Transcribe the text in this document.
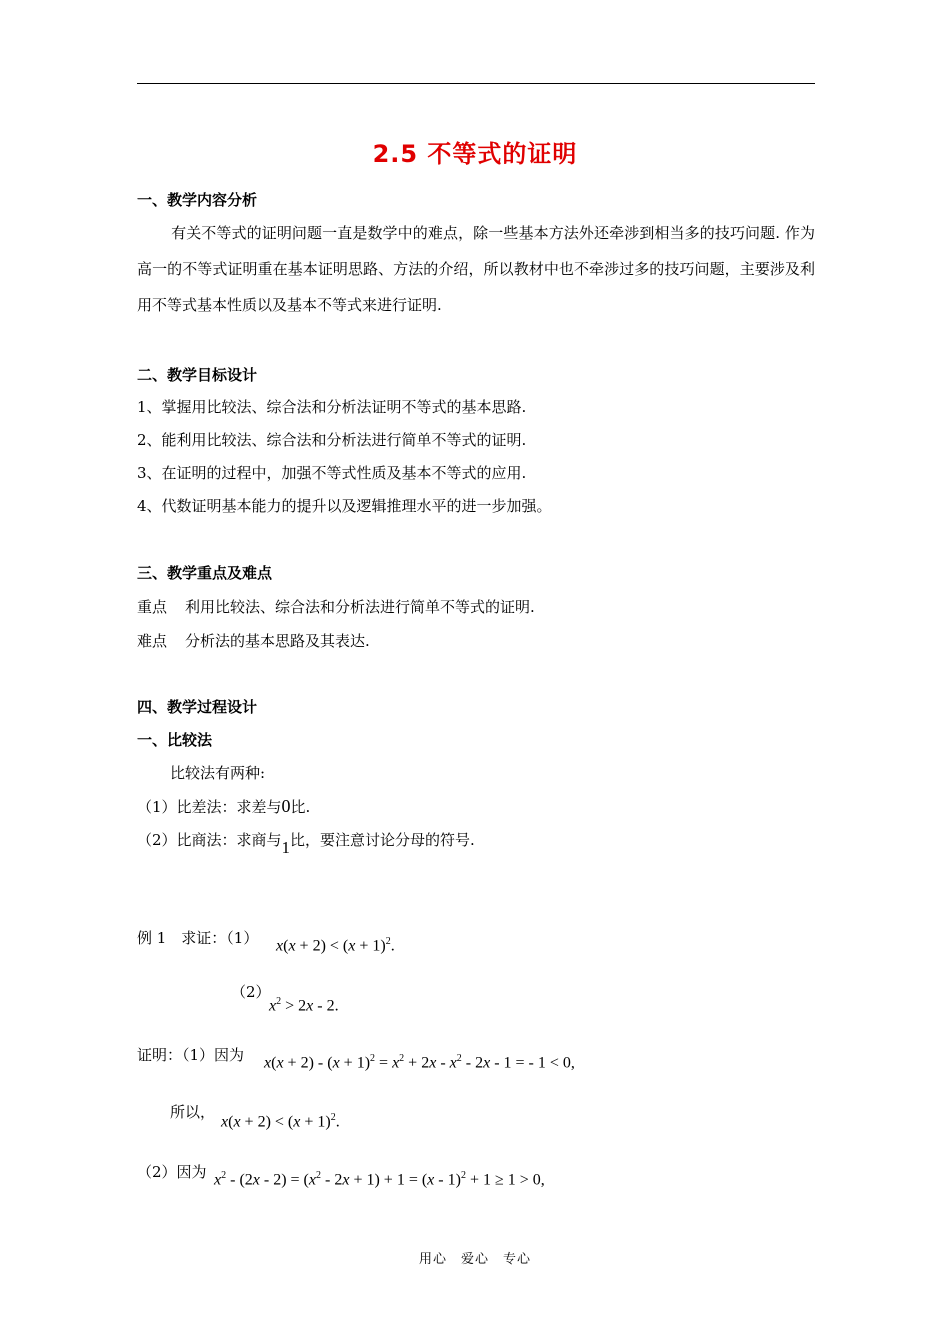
2.5 不等式的证明
一、教学内容分析
有关不等式的证明问题一直是数学中的难点，除一些基本方法外还牵涉到相当多的技巧问题. 作为高一的不等式证明重在基本证明思路、方法的介绍，所以教材中也不牵涉过多的技巧问题，主要涉及利用不等式基本性质以及基本不等式来进行证明.
二、教学目标设计
1、掌握用比较法、综合法和分析法证明不等式的基本思路.
2、能利用比较法、综合法和分析法进行简单不等式的证明.
3、在证明的过程中，加强不等式性质及基本不等式的应用.
4、代数证明基本能力的提升以及逻辑推理水平的进一步加强。
三、教学重点及难点
重点 利用比较法、综合法和分析法进行简单不等式的证明.
难点 分析法的基本思路及其表达.
四、教学过程设计
一、比较法
比较法有两种:
（1）比差法：求差与0比.
（2）比商法：求商与1比，要注意讨论分母的符号.
例 1　求证：（1） $x(x + 2) < (x + 1)^2$.
（2）
$x^2 > 2x - 2$.
证明：（1）因为 $x(x + 2) - (x + 1)^2 = x^2 + 2x - x^2 - 2x - 1$ = - 1 < 0,
所以，
$x(x + 2) < (x + 1)^2$.
（2）因为 $x^2 - (2x - 2) = (x^2 - 2x + 1) + 1 = (x - 1)^2 + 1 \ge 1 > 0$,
用心　爱心　专心
